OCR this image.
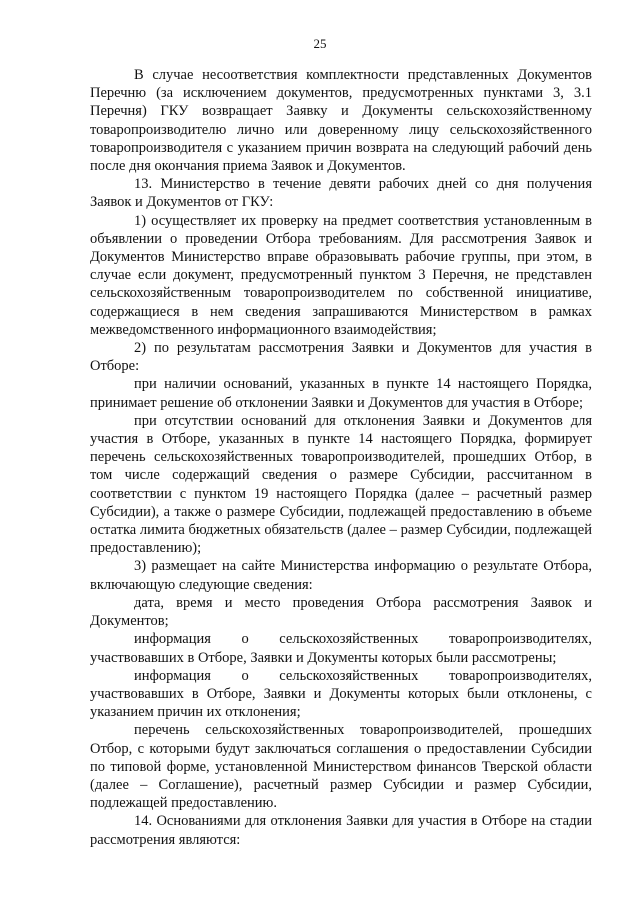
25

В случае несоответствия комплектности представленных Документов Перечню (за исключением документов, предусмотренных пунктами 3, 3.1 Перечня) ГКУ возвращает Заявку и Документы сельскохозяйственному товаропроизводителю лично или доверенному лицу сельскохозяйственного товаропроизводителя с указанием причин возврата на следующий рабочий день после дня окончания приема Заявок и Документов.

13. Министерство в течение девяти рабочих дней со дня получения Заявок и Документов от ГКУ:

1) осуществляет их проверку на предмет соответствия установленным в объявлении о проведении Отбора требованиям. Для рассмотрения Заявок и Документов Министерство вправе образовывать рабочие группы, при этом, в случае если документ, предусмотренный пунктом 3 Перечня, не представлен сельскохозяйственным товаропроизводителем по собственной инициативе, содержащиеся в нем сведения запрашиваются Министерством в рамках межведомственного информационного взаимодействия;

2) по результатам рассмотрения Заявки и Документов для участия в Отборе:

при наличии оснований, указанных в пункте 14 настоящего Порядка, принимает решение об отклонении Заявки и Документов для участия в Отборе;

при отсутствии оснований для отклонения Заявки и Документов для участия в Отборе, указанных в пункте 14 настоящего Порядка, формирует перечень сельскохозяйственных товаропроизводителей, прошедших Отбор, в том числе содержащий сведения о размере Субсидии, рассчитанном в соответствии с пунктом 19 настоящего Порядка (далее – расчетный размер Субсидии), а также о размере Субсидии, подлежащей предоставлению в объеме остатка лимита бюджетных обязательств (далее – размер Субсидии, подлежащей предоставлению);

3) размещает на сайте Министерства информацию о результате Отбора, включающую следующие сведения:

дата, время и место проведения Отбора рассмотрения Заявок и Документов;

информация о сельскохозяйственных товаропроизводителях, участвовавших в Отборе, Заявки и Документы которых были рассмотрены;

информация о сельскохозяйственных товаропроизводителях, участвовавших в Отборе, Заявки и Документы которых были отклонены, с указанием причин их отклонения;

перечень сельскохозяйственных товаропроизводителей, прошедших Отбор, с которыми будут заключаться соглашения о предоставлении Субсидии по типовой форме, установленной Министерством финансов Тверской области (далее – Соглашение), расчетный размер Субсидии и размер Субсидии, подлежащей предоставлению.

14. Основаниями для отклонения Заявки для участия в Отборе на стадии рассмотрения являются:
